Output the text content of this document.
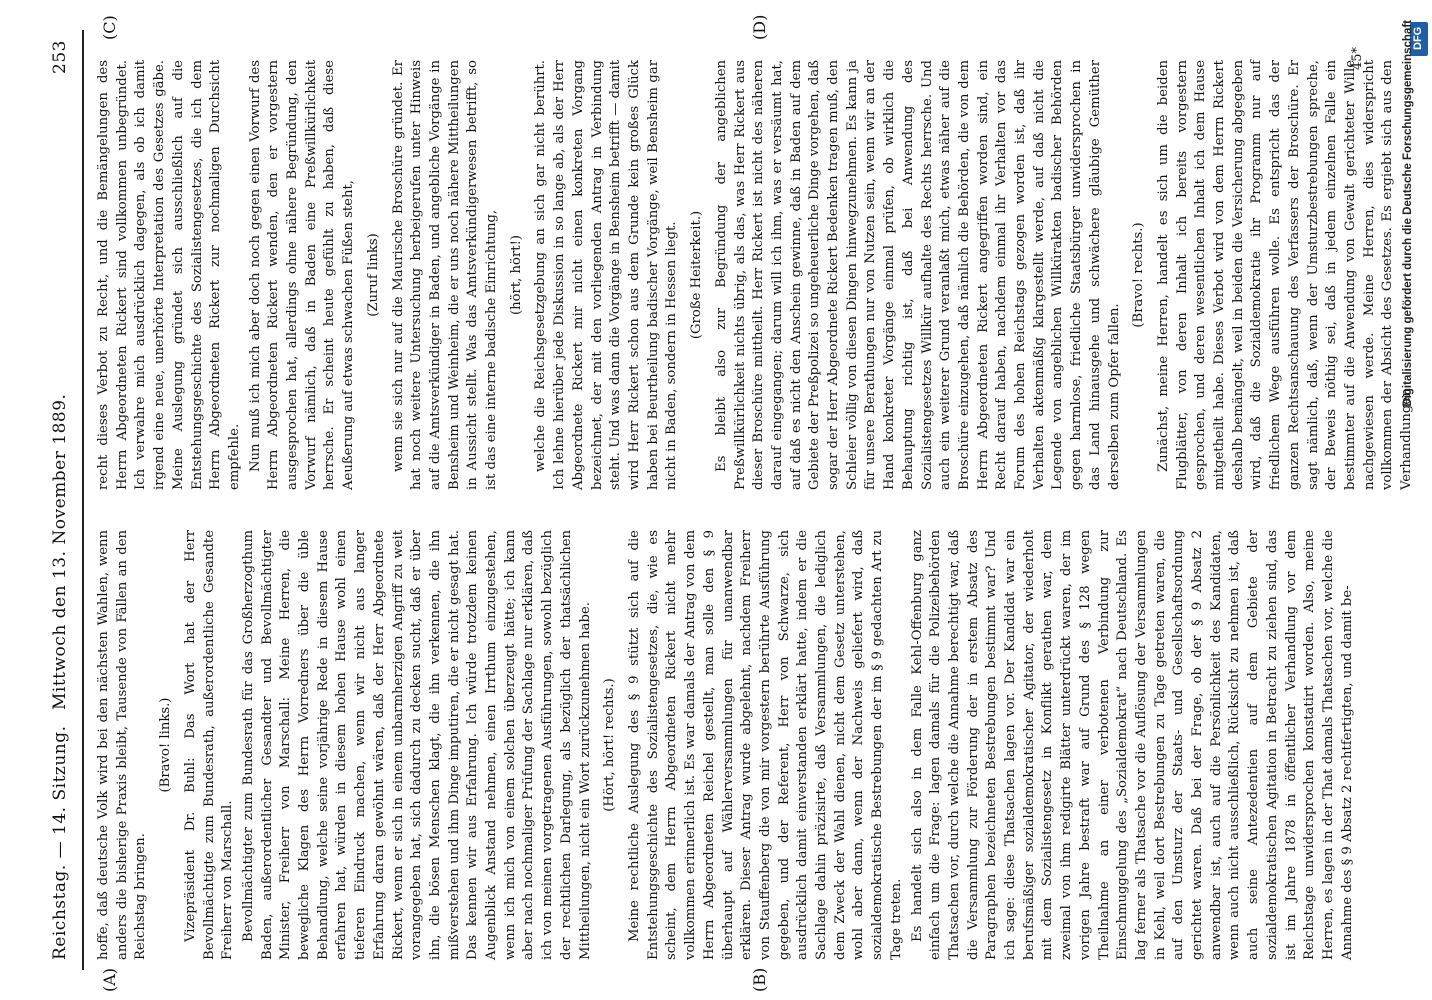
Reichstag. — 14. Sitzung.
Mittwoch den 13. November 1889.
253
(A)	(B)
(C)	(D)

hoffe, daß deutsche Volk wird bei den nächsten Wahlen, wenn anders die bisherige Praxis bleibt, Tausende von Fällen an den Reichstag bringen.

(Bravo! links.) Vizepräsident Dr. Buhl: Das Wort hat der Herr Bevollmächtigte zum Bundesrath, außerordentliche Gesandte Freiherr von Marschall. Bevollmächtigter zum Bundesrath für das Großherzogthum Baden, außerordentlicher Gesandter und Bevollmächtigter Minister, Freiherr von Marschall: Meine Herren, die bewegliche Klagen des Herrn Vorredners über die üble Behandlung, welche seine vorjährige Rede in diesem Hause erfahren hat, würden in diesem hohen Hause wohl einen tieferen Eindruck machen, wenn wir nicht aus langer Erfahrung daran gewöhnt wären, daß der Herr Abgeordnete Rickert, wenn er sich in einem unbarmherzigen Angriff zu weit vorangegeben hat, sich dadurch zu decken sucht, daß er über ihn, die bösen Menschen klagt, die ihn verkennen, die ihn mißverstehen und ihm Dinge imputiren, die er nicht gesagt hat. Das kennen wir aus Erfahrung. Ich würde trotzdem keinen Augenblick Anstand nehmen, einen Irrthum einzugestehen, wenn ich mich von einem solchen überzeugt hätte; ich kann aber nach nochmaliger Prüfung der Sachlage nur erklären, daß ich von meinen vorgetragenen Ausführungen, sowohl bezüglich der rechtlichen Darlegung, als bezüglich der thatsächlichen Mittheilungen, nicht ein Wort zurückzunehmen habe. (Hört, hört! rechts.) Meine rechtliche Auslegung des § 9 stützt sich auf die Entstehungsgeschichte des Sozialistengesetzes, die, wie es scheint, dem Herrn Abgeordneten Rickert nicht mehr vollkommen erinnerlich ist. Es war damals der Antrag von dem Herrn Abgeordneten Reichel gestellt, man solle den § 9 überhaupt auf Wählerversammlungen für unanwendbar erklären. Dieser Antrag wurde abgelehnt, nachdem Freiherr von Stauffenberg die von mir vorgestern berührte Ausführung gegeben, und der Referent, Herr von Schwarze, sich ausdrücklich damit einverstanden erklärt hatte, indem er die Sachlage dahin präzisirte, daß Versammlungen, die lediglich dem Zweck der Wahl dienen, nicht dem Gesetz unterstehen, wohl aber dann, wenn der Nachweis geliefert wird, daß sozialdemokratische Bestrebungen der im § 9 gedachten Art zu Tage treten. Es handelt sich also in dem Falle Kehl-Offenburg ganz einfach um die Frage: lagen damals für die Polizeibehörden Thatsachen vor, durch welche die Annahme berechtigt war, daß die Versammlung zur Förderung der in erstem Absatz des Paragraphen bezeichneten Bestrebungen bestimmt war? Und ich sage: diese Thatsachen lagen vor. Der Kandidat war ein berufsmäßiger sozialdemokratischer Agitator, der wiederholt mit dem Sozialistengesetz in Konflikt gerathen war, dem zweimal von ihm redigirte Blätter unterdrückt waren, der im vorigen Jahre bestraft war auf Grund des § 128 wegen Theilnahme an einer verbotenen Verbindung zur Einschmuggelung des „Sozialdemokrat“ nach Deutschland. Es lag ferner als Thatsache vor die Auflösung der Versammlungen in Kehl, weil dort Bestrebungen zu Tage getreten waren, die auf den Umsturz der Staats- und Gesellschaftsordnung gerichtet waren. Daß bei der Frage, ob der § 9 Absatz 2 anwendbar ist, auch auf die Persönlichkeit des Kandidaten, wenn auch nicht ausschließlich, Rücksicht zu nehmen ist, daß auch seine Antezedentien auf dem Gebiete der sozialdemokratischen Agitation in Betracht zu ziehen sind, das ist im Jahre 1878 in öffentlicher Verhandlung vor dem Reichstage unwidersprochen konstatirt worden. Also, meine Herren, es lagen in der That damals Thatsachen vor, welche die Annahme des § 9 Absatz 2 rechtfertigten, und damit be-

recht dieses Verbot zu Recht, und die Bemängelungen des Herrn Abgeordneten Rickert sind vollkommen unbegründet. Ich verwahre mich ausdrücklich dagegen, als ob ich damit irgend eine neue, unerhörte Interpretation des Gesetzes gäbe. Meine Auslegung gründet sich ausschließlich auf die Entstehungsgeschichte des Sozialistengesetzes, die ich dem Herrn Abgeordneten Rickert zur nochmaligen Durchsicht empfehle. Nun muß ich mich aber doch noch gegen einen Vorwurf des Herrn Abgeordneten Rickert wenden, den er vorgestern ausgesprochen hat, allerdings ohne nähere Begründung, den Vorwurf nämlich, daß in Baden eine Preßwillkürlichkeit herrsche. Er scheint heute gefühlt zu haben, daß diese Aeußerung auf etwas schwachen Füßen steht, (Zuruf links) wenn sie sich nur auf die Maurische Broschüre gründet. Er hat noch weitere Untersuchung herbeigerufen unter Hinweis auf die Amtsverkündiger in Baden, und angebliche Vorgänge in Bensheim und Weinheim, die er uns noch nähere Mittheilungen in Aussicht stellt. Was das Amtsverkündigerwesen betrifft, so ist das eine interne badische Einrichtung, (hört, hört!) welche die Reichsgesetzgebung an sich gar nicht berührt. Ich lehne hierüber jede Diskussion in so lange ab, als der Herr Abgeordnete Rickert mir nicht einen konkreten Vorgang bezeichnet, der mit den vorliegenden Antrag in Verbindung steht. Und was dann die Vorgänge in Bensheim betrifft — damit wird Herr Rickert schon aus dem Grunde kein großes Glück haben bei Beurtheilung badischer Vorgänge, weil Bensheim gar nicht in Baden, sondern in Hessen liegt. (Große Heiterkeit.) Es bleibt also zur Begründung der angeblichen Preßwillkürlichkeit nichts übrig, als das, was Herr Rickert aus dieser Broschüre mittheilt. Herr Rickert ist nicht des näheren darauf eingegangen; darum will ich ihm, was er versäumt hat, auf daß es nicht den Anschein gewinne, daß in Baden auf dem Gebiete der Preßpolizei so ungeheuerliche Dinge vorgehen, daß sogar der Herr Abgeordnete Rickert Bedenken tragen muß, den Schleier völlig von diesen Dingen hinwegzunehmen. Es kann ja für unsere Berathungen nur von Nutzen sein, wenn wir an der Hand konkreter Vorgänge einmal prüfen, ob wirklich die Behauptung richtig ist, daß bei Anwendung des Sozialistengesetzes Willkür aufhalte des Rechts herrsche. Und auch ein weiterer Grund veranlaßt mich, etwas näher auf die Broschüre einzugehen, daß nämlich die Behörden, die von dem Herrn Abgeordneten Rickert angegriffen worden sind, ein Recht darauf haben, nachdem einmal ihr Verhalten vor das Forum des hohen Reichstags gezogen worden ist, daß ihr Verhalten aktenmäßig klargestellt werde, auf daß nicht die Legende von angeblichen Willkürakten badischer Behörden gegen harmlose, friedliche Staatsbürger unwidersprochen in das Land hinausgehe und schwächere gläubige Gemüther derselben zum Opfer fallen.

(Bravo! rechts.) Zunächst, meine Herren, handelt es sich um die beiden Flugblätter, von deren Inhalt ich bereits vorgestern gesprochen, und deren wesentlichen Inhalt ich dem Hause mitgetheilt habe. Dieses Verbot wird von dem Herrn Rickert deshalb bemängelt, weil in beiden die Versicherung abgegeben wird, daß die Sozialdemokratie ihr Programm nur auf friedlichem Wege ausführen wolle. Es entspricht das der ganzen Rechtsanschauung des Verfassers der Broschüre. Er sagt nämlich, daß, wenn der Umsturzbestrebungen spreche, der Beweis nöthig sei, daß in jedem einzelnen Falle ein bestimmter auf die Anwendung von Gewalt gerichteter Wille nachgewiesen werde. Meine Herren, dies widerspricht vollkommen der Absicht des Gesetzes. Es ergiebt sich aus den Verhandlungen

45*
DFG
Digitalisierung gefördert durch die Deutsche Forschungsgemeinschaft
